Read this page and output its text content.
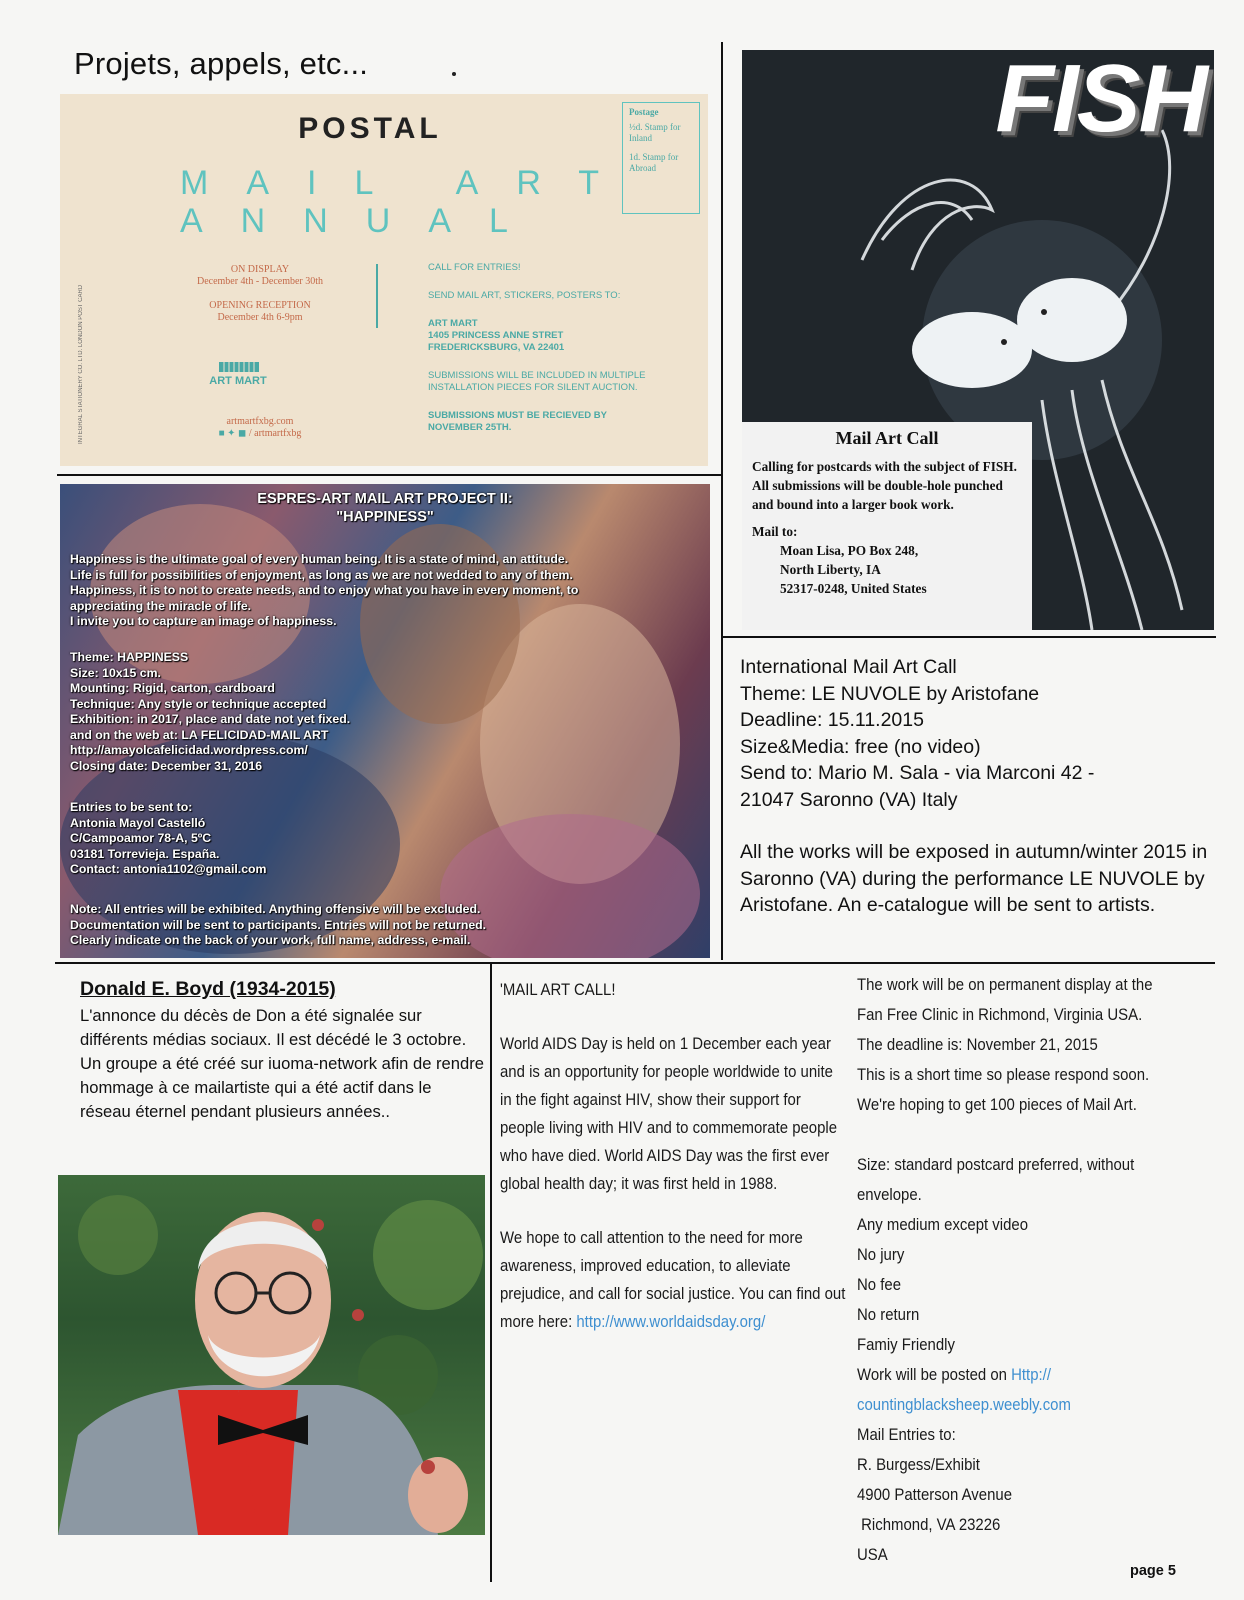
Projets, appels, etc...
INTEGRAL STATIONERY CO. LTD. LONDON POST CARD
POSTAL
MAIL ART
ANNUAL
Postage
½d. Stamp for Inland
1d. Stamp for Abroad
ON DISPLAY
December 4th - December 30th
OPENING RECEPTION
December 4th 6-9pm
ART MART
artmartfxbg.com
■ ✦ ◼ / artmartfxbg
CALL FOR ENTRIES!
SEND MAIL ART, STICKERS, POSTERS TO:
ART MART
1405 PRINCESS ANNE STRET
FREDERICKSBURG, VA 22401
SUBMISSIONS WILL BE INCLUDED IN MULTIPLE INSTALLATION PIECES FOR SILENT AUCTION.
SUBMISSIONS MUST BE RECIEVED BY NOVEMBER 25TH.
ESPRES-ART MAIL ART PROJECT II:
"HAPPINESS"
Happiness is the ultimate goal of every human being. It is a state of mind, an attitude.
Life is full for possibilities of enjoyment, as long as we are not wedded to any of them.
Happiness, it is to not to create needs, and to enjoy what you have in every moment, to
appreciating the miracle of life.
I invite you to capture an image of happiness.
Theme: HAPPINESS
Size: 10x15 cm.
Mounting: Rigid, carton, cardboard
Technique: Any style or technique accepted
Exhibition: in 2017, place and date not yet fixed.
and on the web at: LA FELICIDAD-MAIL ART
http://amayolcafelicidad.wordpress.com/
Closing date: December 31, 2016
Entries to be sent to:
Antonia Mayol Castelló
C/Campoamor 78-A, 5ºC
03181 Torrevieja. España.
Contact: antonia1102@gmail.com
Note: All entries will be exhibited. Anything offensive will be excluded.
Documentation will be sent to participants. Entries will not be returned.
Clearly indicate on the back of your work, full name, address, e-mail.
FISH
Mail Art Call
Calling for postcards with the subject of FISH. All submissions will be double-hole punched and bound into a larger book work.
Mail to:
Moan Lisa, PO Box 248,
North Liberty, IA
52317-0248, United States
International Mail Art Call
Theme: LE NUVOLE by Aristofane
Deadline: 15.11.2015
Size&Media: free (no video)
Send to: Mario M. Sala - via Marconi 42 -
21047 Saronno (VA) Italy
All the works will be exposed in autumn/winter 2015 in Saronno (VA) during the performance LE NUVOLE by Aristofane. An e-catalogue will be sent to artists.
Donald E. Boyd (1934-2015)
L'annonce du décès de Don a été signalée sur différents médias sociaux. Il est décédé le 3 octobre. Un groupe a été créé sur iuoma-network afin de rendre hommage à ce mailartiste qui a été actif dans le réseau éternel pendant plusieurs années..
'MAIL ART CALL!
World AIDS Day is held on 1 December each year and is an opportunity for people worldwide to unite in the fight against HIV, show their support for people living with HIV and to commemorate people who have died. World AIDS Day was the first ever global health day; it was first held in 1988.
We hope to call attention to the need for more awareness, improved education, to alleviate prejudice, and call for social justice. You can find out more here: http://www.worldaidsday.org/
The work will be on permanent display at the
Fan Free Clinic in Richmond, Virginia USA.
The deadline is: November 21, 2015
This is a short time so please respond soon.
We're hoping to get 100 pieces of Mail Art.
Size: standard postcard preferred, without
envelope.
Any medium except video
No jury
No fee
No return
Famiy Friendly
Work will be posted on Http://
countingblacksheep.weebly.com
Mail Entries to:
R. Burgess/Exhibit
4900 Patterson Avenue
Richmond, VA 23226
USA
page 5
